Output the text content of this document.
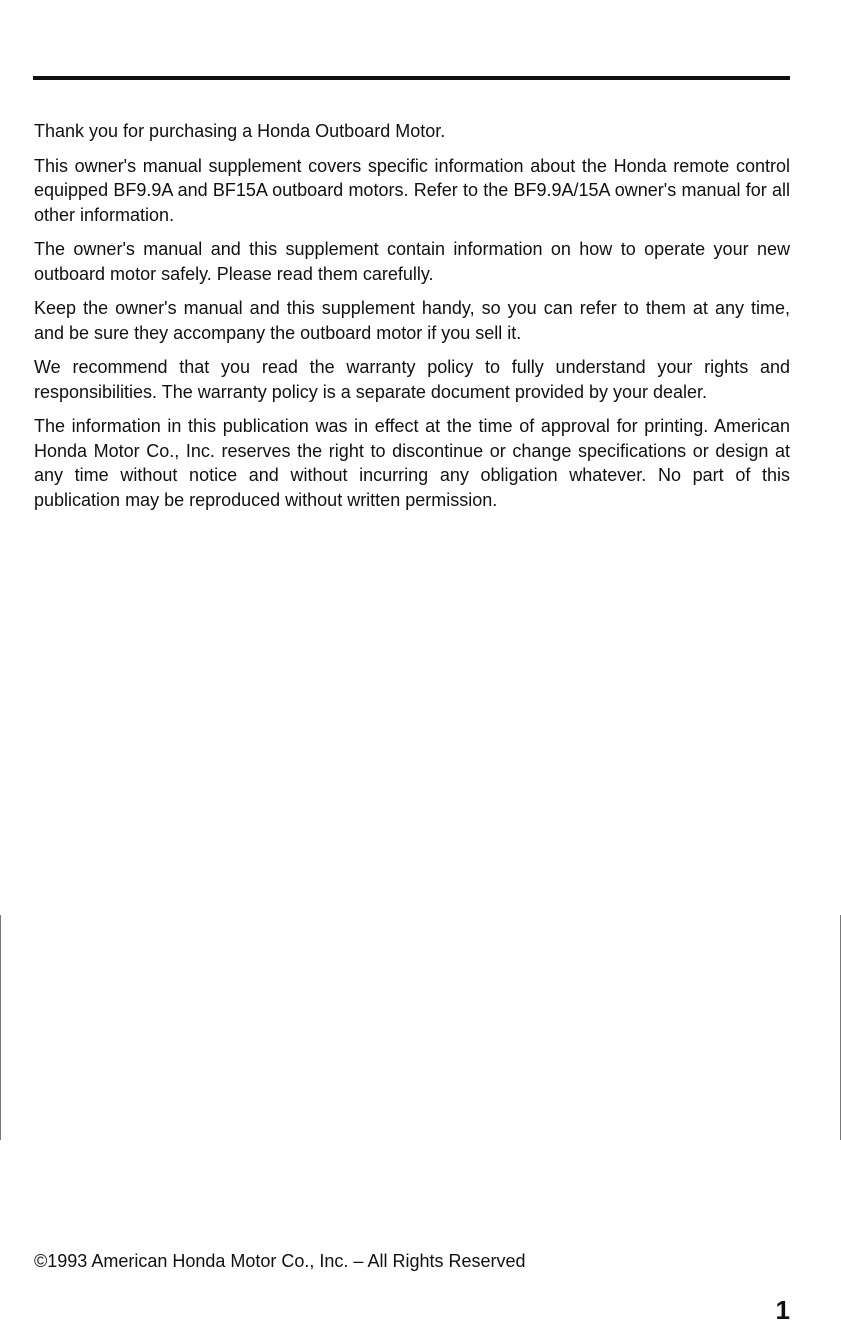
Thank you for purchasing a Honda Outboard Motor.

This owner's manual supplement covers specific information about the Honda remote control equipped BF9.9A and BF15A outboard motors. Refer to the BF9.9A/15A owner's manual for all other information.

The owner's manual and this supplement contain information on how to operate your new outboard motor safely. Please read them carefully.

Keep the owner's manual and this supplement handy, so you can refer to them at any time, and be sure they accompany the outboard motor if you sell it.

We recommend that you read the warranty policy to fully understand your rights and responsibilities. The warranty policy is a separate document provided by your dealer.

The information in this publication was in effect at the time of approval for printing. American Honda Motor Co., Inc. reserves the right to discontinue or change specifications or design at any time without notice and without incurring any obligation whatever. No part of this publication may be reproduced without written permission.

©1993 American Honda Motor Co., Inc. – All Rights Reserved
1
